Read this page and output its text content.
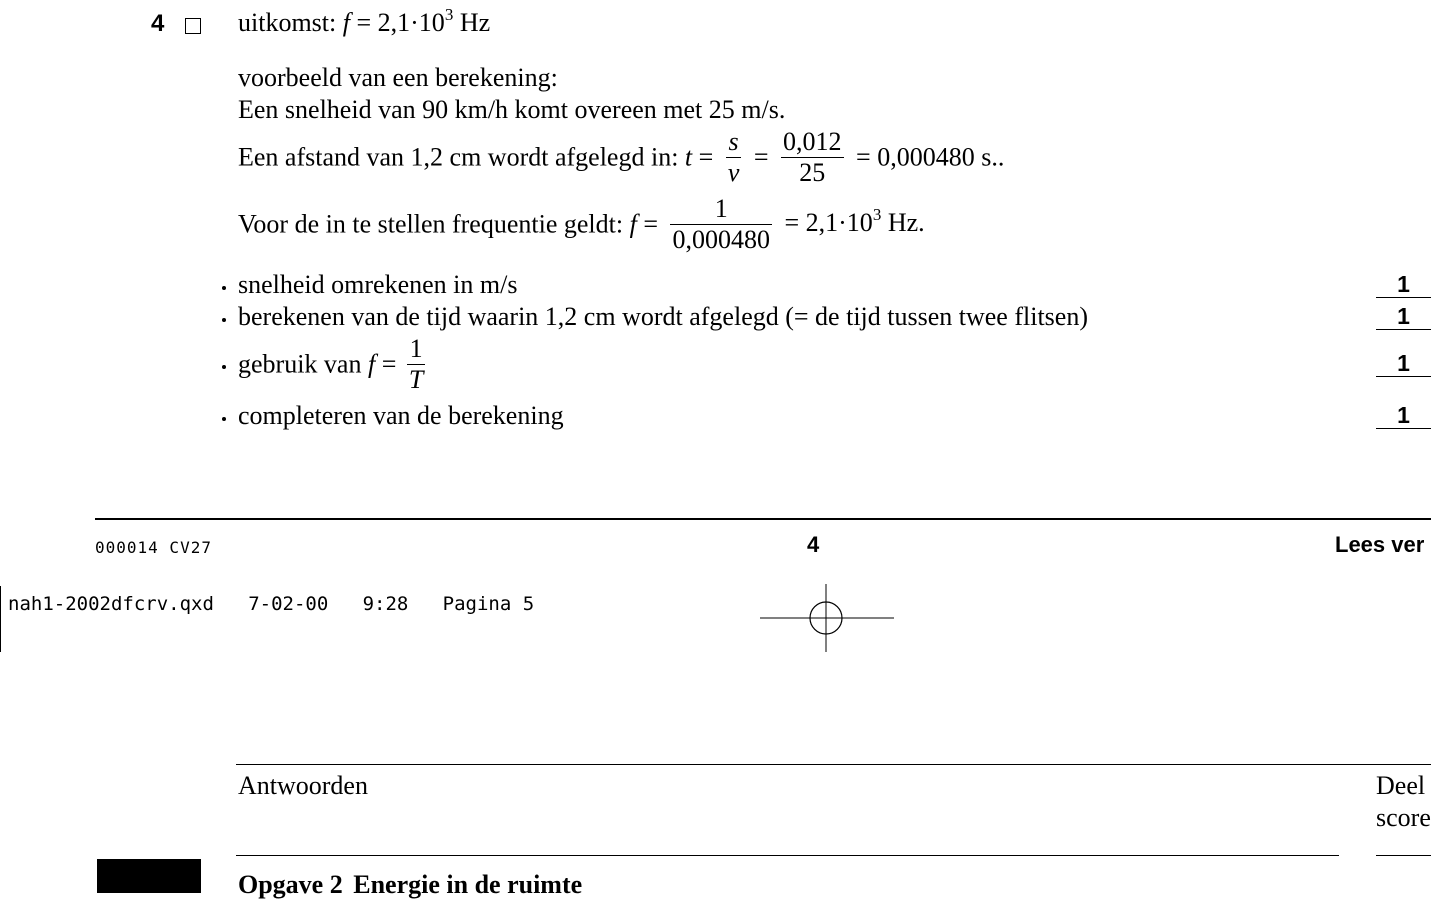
4	uitkomst: $f = 2,1\cdot 10^3$ Hz
voorbeeld van een berekening:
Een snelheid van 90 km/h komt overeen met 25 m/s.
Een afstand van 1,2 cm wordt afgelegd in: $t = \frac{s}{v} = \frac{0,012}{25} = 0,000480$ s..
Voor de in te stellen frequentie geldt: $f = \frac{1}{0,000480} = 2,1\cdot 10^3$ Hz.
snelheid omrekenen in m/s	1
berekenen van de tijd waarin 1,2 cm wordt afgelegd (= de tijd tussen twee flitsen)	1
gebruik van $f = \frac{1}{T}$	1
completeren van de berekening	1
000014 CV27	4	Lees ver
nah1-2002dfcrv.qxd   7-02-00   9:28   Pagina 5
Antwoorden	Deel
score
Opgave 2 Energie in de ruimte
